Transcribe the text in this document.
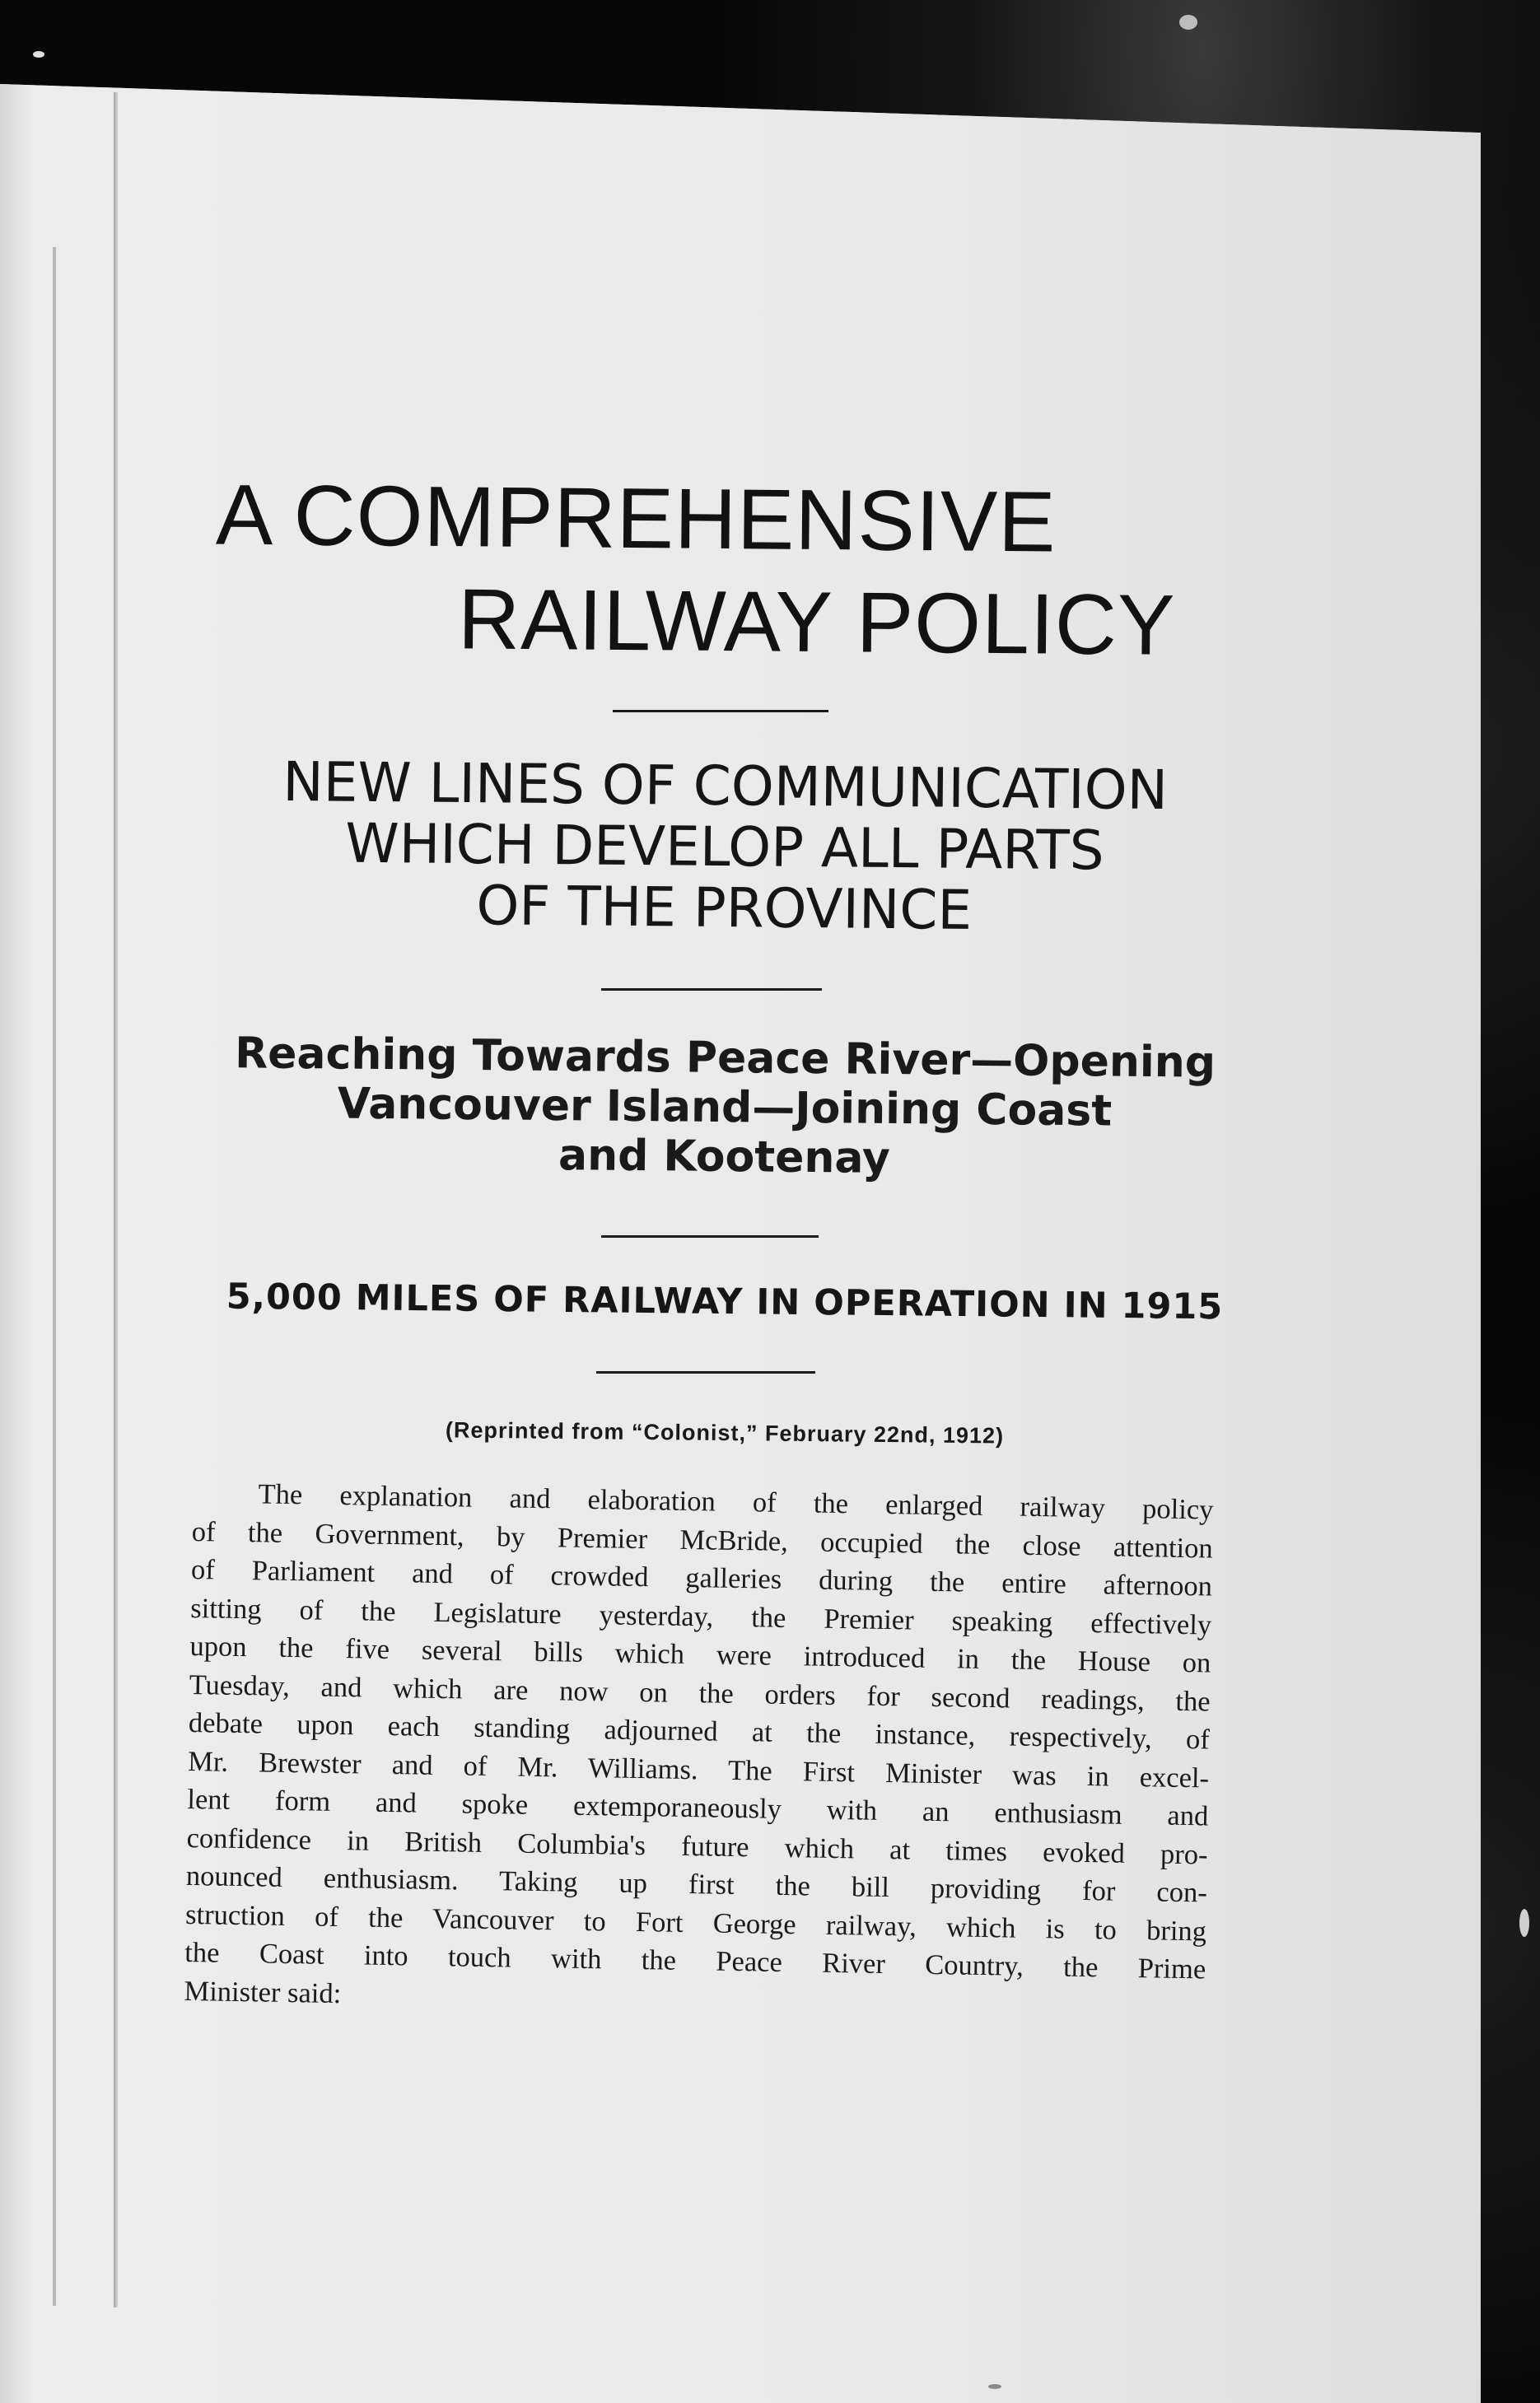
A COMPREHENSIVE
RAILWAY POLICY
NEW LINES OF COMMUNICATION
WHICH DEVELOP ALL PARTS
OF THE PROVINCE
Reaching Towards Peace River—Opening
Vancouver Island—Joining Coast
and Kootenay
5,000 MILES OF RAILWAY IN OPERATION IN 1915
(Reprinted from “Colonist,” February 22nd, 1912)
The explanation and elaboration of the enlarged railway policy
of the Government, by Premier McBride, occupied the close attention
of Parliament and of crowded galleries during the entire afternoon
sitting of the Legislature yesterday, the Premier speaking effectively
upon the five several bills which were introduced in the House on
Tuesday, and which are now on the orders for second readings, the
debate upon each standing adjourned at the instance, respectively, of
Mr. Brewster and of Mr. Williams. The First Minister was in excel-
lent form and spoke extemporaneously with an enthusiasm and
confidence in British Columbia's future which at times evoked pro-
nounced enthusiasm. Taking up first the bill providing for con-
struction of the Vancouver to Fort George railway, which is to bring
the Coast into touch with the Peace River Country, the Prime
Minister said:
